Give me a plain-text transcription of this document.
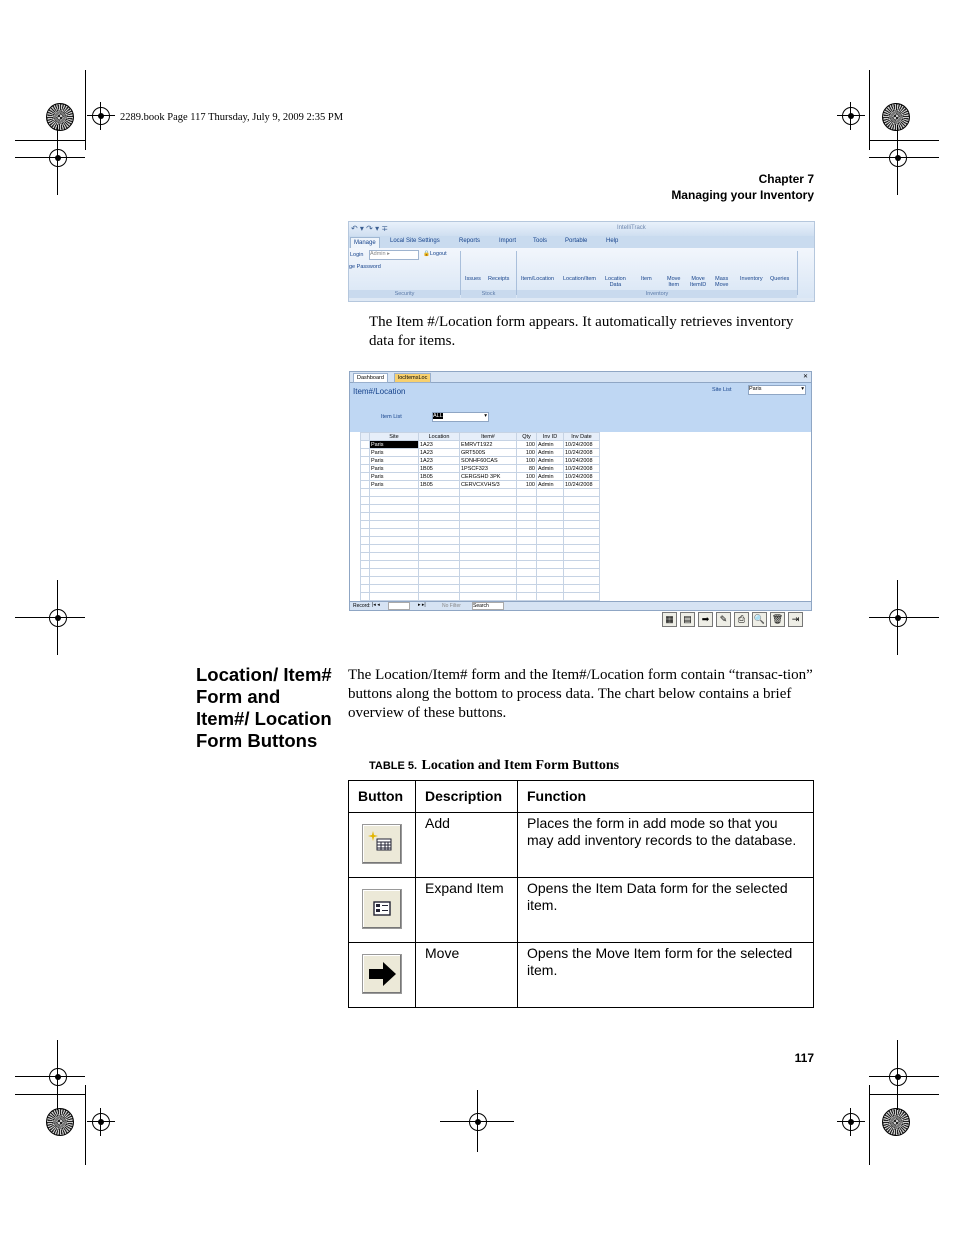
2289.book Page 117 Thursday, July 9, 2009 2:35 PM
Chapter 7
Managing your Inventory
↶ ▾ ↷ ▾ ∓	IntelliTrack
Manage	Local Site Settings	Reports	Import	Tools	Portable	Help
Login Admin ▸	🔒Logout
ge Password
Issues Receipts Item/Location Location/Item Location
Data
Item	Move
Item
Move
ItemID
Mass
Move
Inventory Queries
Security	Stock	Inventory
The Item #/Location form appears. It automatically retrieves inventory data for items.
Dashboard	locItemsLoc	✕
Item#/Location	Site List	Paris	▾
Item List	ALL	▾
	Site	Location	Item#	Qty	Inv ID	Inv Date
	Paris	1A23	EMRVT1922	100	Admin	10/24/2008
	Paris	1A23	GRT500S	100	Admin	10/24/2008
	Paris	1A23	SONHF60CAS	100	Admin	10/24/2008
	Paris	1B05	1PSCF323	80	Admin	10/24/2008
	Paris	1B05	CERGSHD 3PK	100	Admin	10/24/2008
	Paris	1B05	CERVCXVHS/3	100	Admin	10/24/2008

Record: |◂ ◂	▸ ▸|	No Filter Search
▦	▤	➡	✎	⎙ 🔍 🗑 ⇥
Location/ Item# Form and Item#/ Location Form Buttons
The Location/Item# form and the Item#/Location form contain “transac-tion” buttons along the bottom to process data. The chart below contains a brief overview of these buttons.
TABLE 5. Location and Item Form Buttons
Button	Description	Function
	Add	Places the form in add mode so that you may add inventory records to the database.
	Expand Item	Opens the Item Data form for the selected item.
	Move	Opens the Move Item form for the selected item.
117
